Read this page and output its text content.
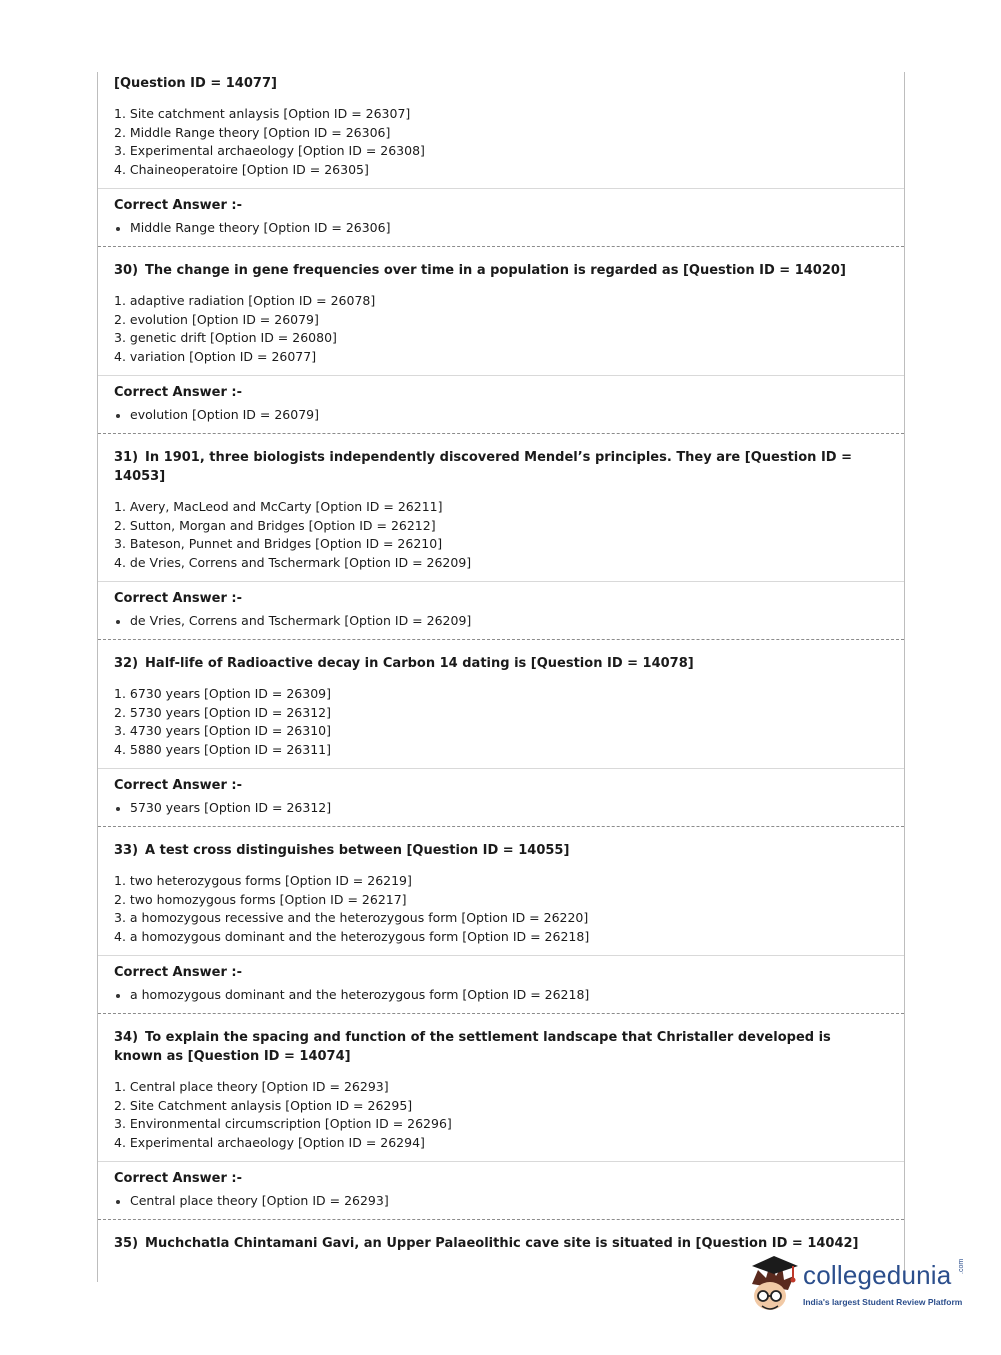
[Question ID = 14077]
1. Site catchment anlaysis [Option ID = 26307]
2. Middle Range theory [Option ID = 26306]
3. Experimental archaeology [Option ID = 26308]
4. Chaineoperatoire [Option ID = 26305]
Correct Answer :-
Middle Range theory [Option ID = 26306]
30) The change in gene frequencies over time in a population is regarded as [Question ID = 14020]
1. adaptive radiation [Option ID = 26078]
2. evolution [Option ID = 26079]
3. genetic drift [Option ID = 26080]
4. variation [Option ID = 26077]
Correct Answer :-
evolution [Option ID = 26079]
31) In 1901, three biologists independently discovered Mendel’s principles. They are [Question ID = 14053]
1. Avery, MacLeod and McCarty [Option ID = 26211]
2. Sutton, Morgan and Bridges [Option ID = 26212]
3. Bateson, Punnet and Bridges [Option ID = 26210]
4. de Vries, Correns and Tschermark [Option ID = 26209]
Correct Answer :-
de Vries, Correns and Tschermark [Option ID = 26209]
32) Half-life of Radioactive decay in Carbon 14 dating is [Question ID = 14078]
1. 6730 years [Option ID = 26309]
2. 5730 years [Option ID = 26312]
3. 4730 years [Option ID = 26310]
4. 5880 years [Option ID = 26311]
Correct Answer :-
5730 years [Option ID = 26312]
33) A test cross distinguishes between [Question ID = 14055]
1. two heterozygous forms [Option ID = 26219]
2. two homozygous forms [Option ID = 26217]
3. a homozygous recessive and the heterozygous form [Option ID = 26220]
4. a homozygous dominant and the heterozygous form [Option ID = 26218]
Correct Answer :-
a homozygous dominant and the heterozygous form [Option ID = 26218]
34) To explain the spacing and function of the settlement landscape that Christaller developed is known as [Question ID = 14074]
1. Central place theory [Option ID = 26293]
2. Site Catchment anlaysis [Option ID = 26295]
3. Environmental circumscription [Option ID = 26296]
4. Experimental archaeology [Option ID = 26294]
Correct Answer :-
Central place theory [Option ID = 26293]
35) Muchchatla Chintamani Gavi, an Upper Palaeolithic cave site is situated in [Question ID = 14042]
collegedunia .com
India's largest Student Review Platform
